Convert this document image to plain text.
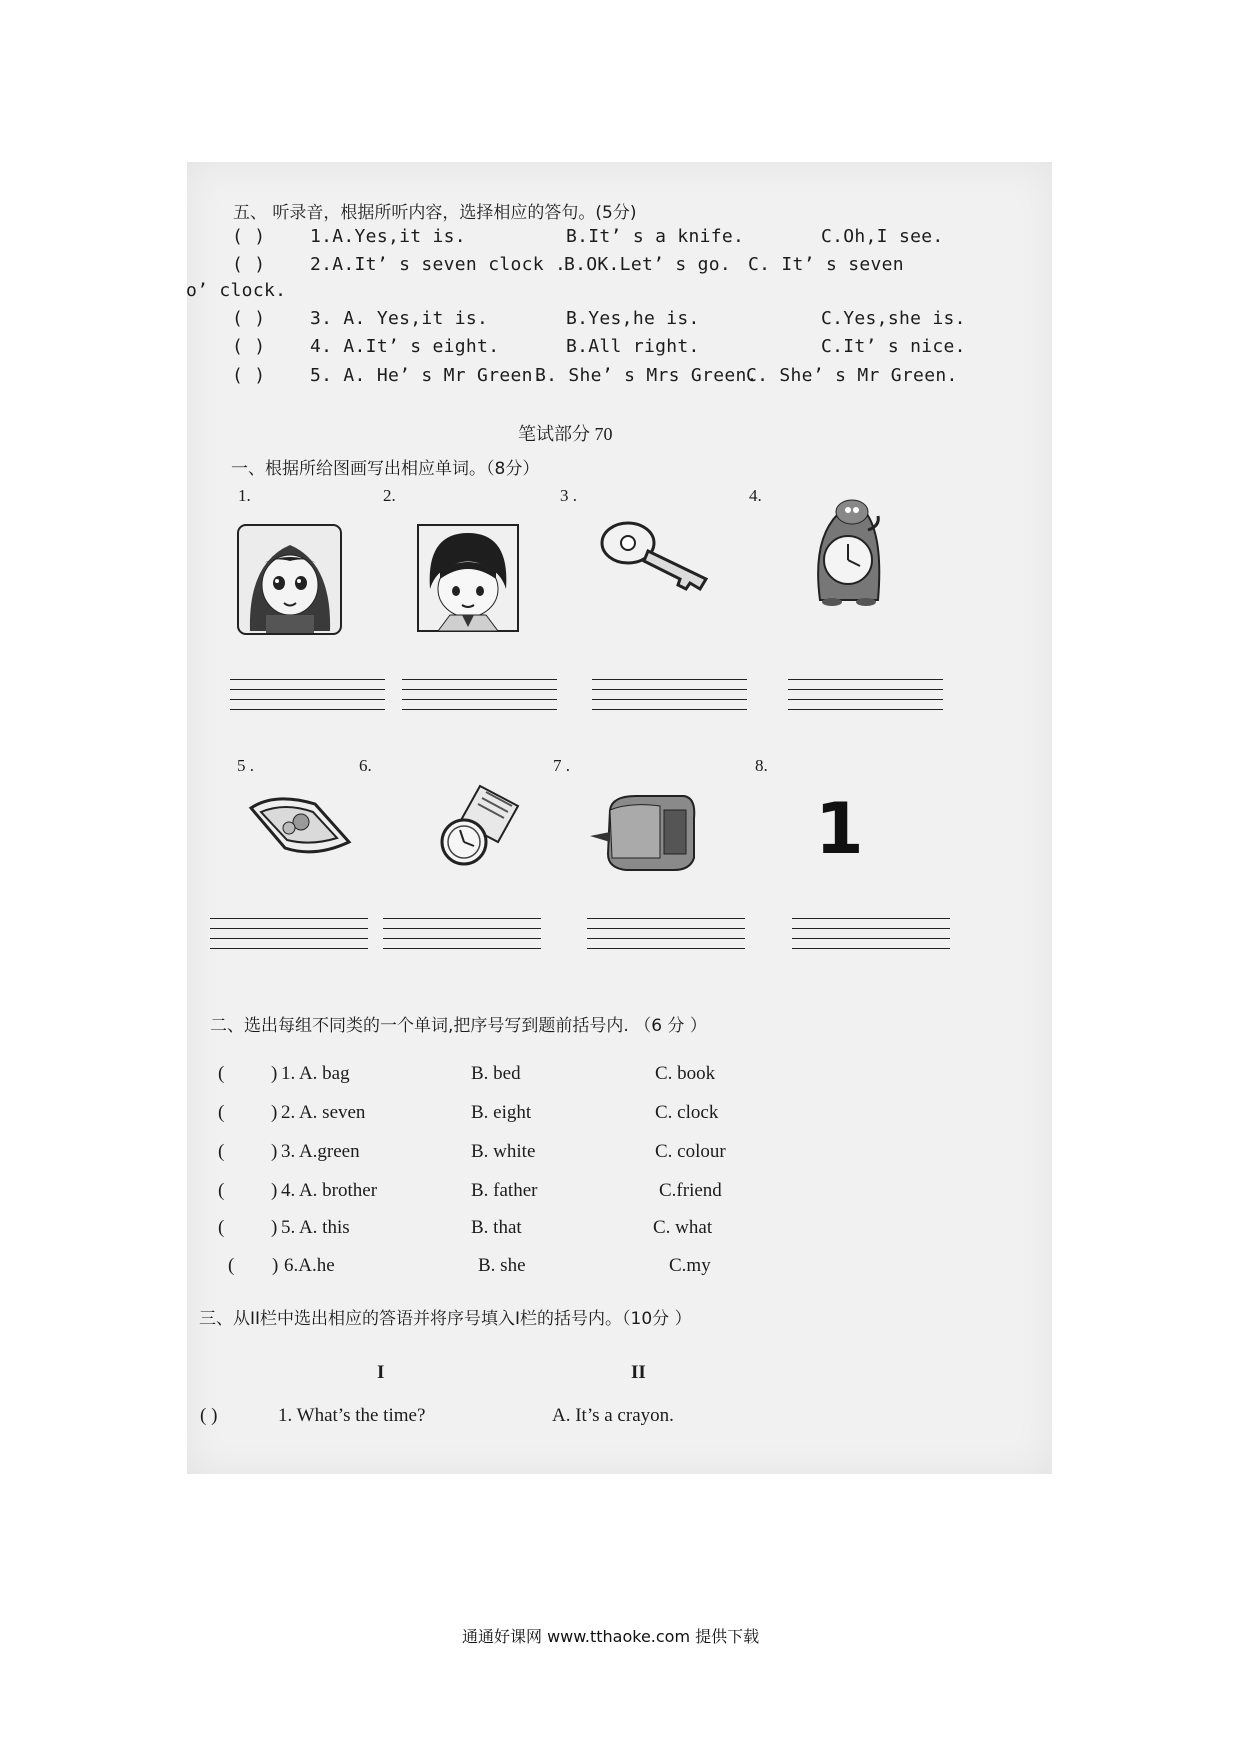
五、 听录音，根据所听内容，选择相应的答句。(5分)
( ) 1.A.Yes,it is.	B.It’ s a knife.	C.Oh,I see.
( ) 2.A.It’ s seven clock .
B.OK.Let’ s go. C. It’ s seven
o’ clock.
( ) 3. A. Yes,it is.	B.Yes,he is.	C.Yes,she is.
( ) 4. A.It’ s eight.	B.All right.	C.It’ s nice.
( ) 5. A. He’ s Mr Green.
B. She’ s Mrs Green.
C. She’ s Mr Green.
笔试部分 70
一、根据所给图画写出相应单词。（8分）
1.	2.	3 .	4.
5 .	6.	7 .	8.
1
二、选出每组不同类的一个单词,把序号写到题前括号内. （6 分 ）
( ) 1. A. bag	B. bed	C. book
( ) 2. A. seven	B. eight	C. clock
( ) 3. A.green	B. white	C. colour
( ) 4. A. brother	B. father	C.friend
( ) 5. A. this	B. that	C. what
( ) 6.A.he	B. she	C.my
三、从II栏中选出相应的答语并将序号填入I栏的括号内。（10分 ）
I	II
( )	1. What’s the time?	A. It’s a crayon.
通通好课网 www.tthaoke.com 提供下载
